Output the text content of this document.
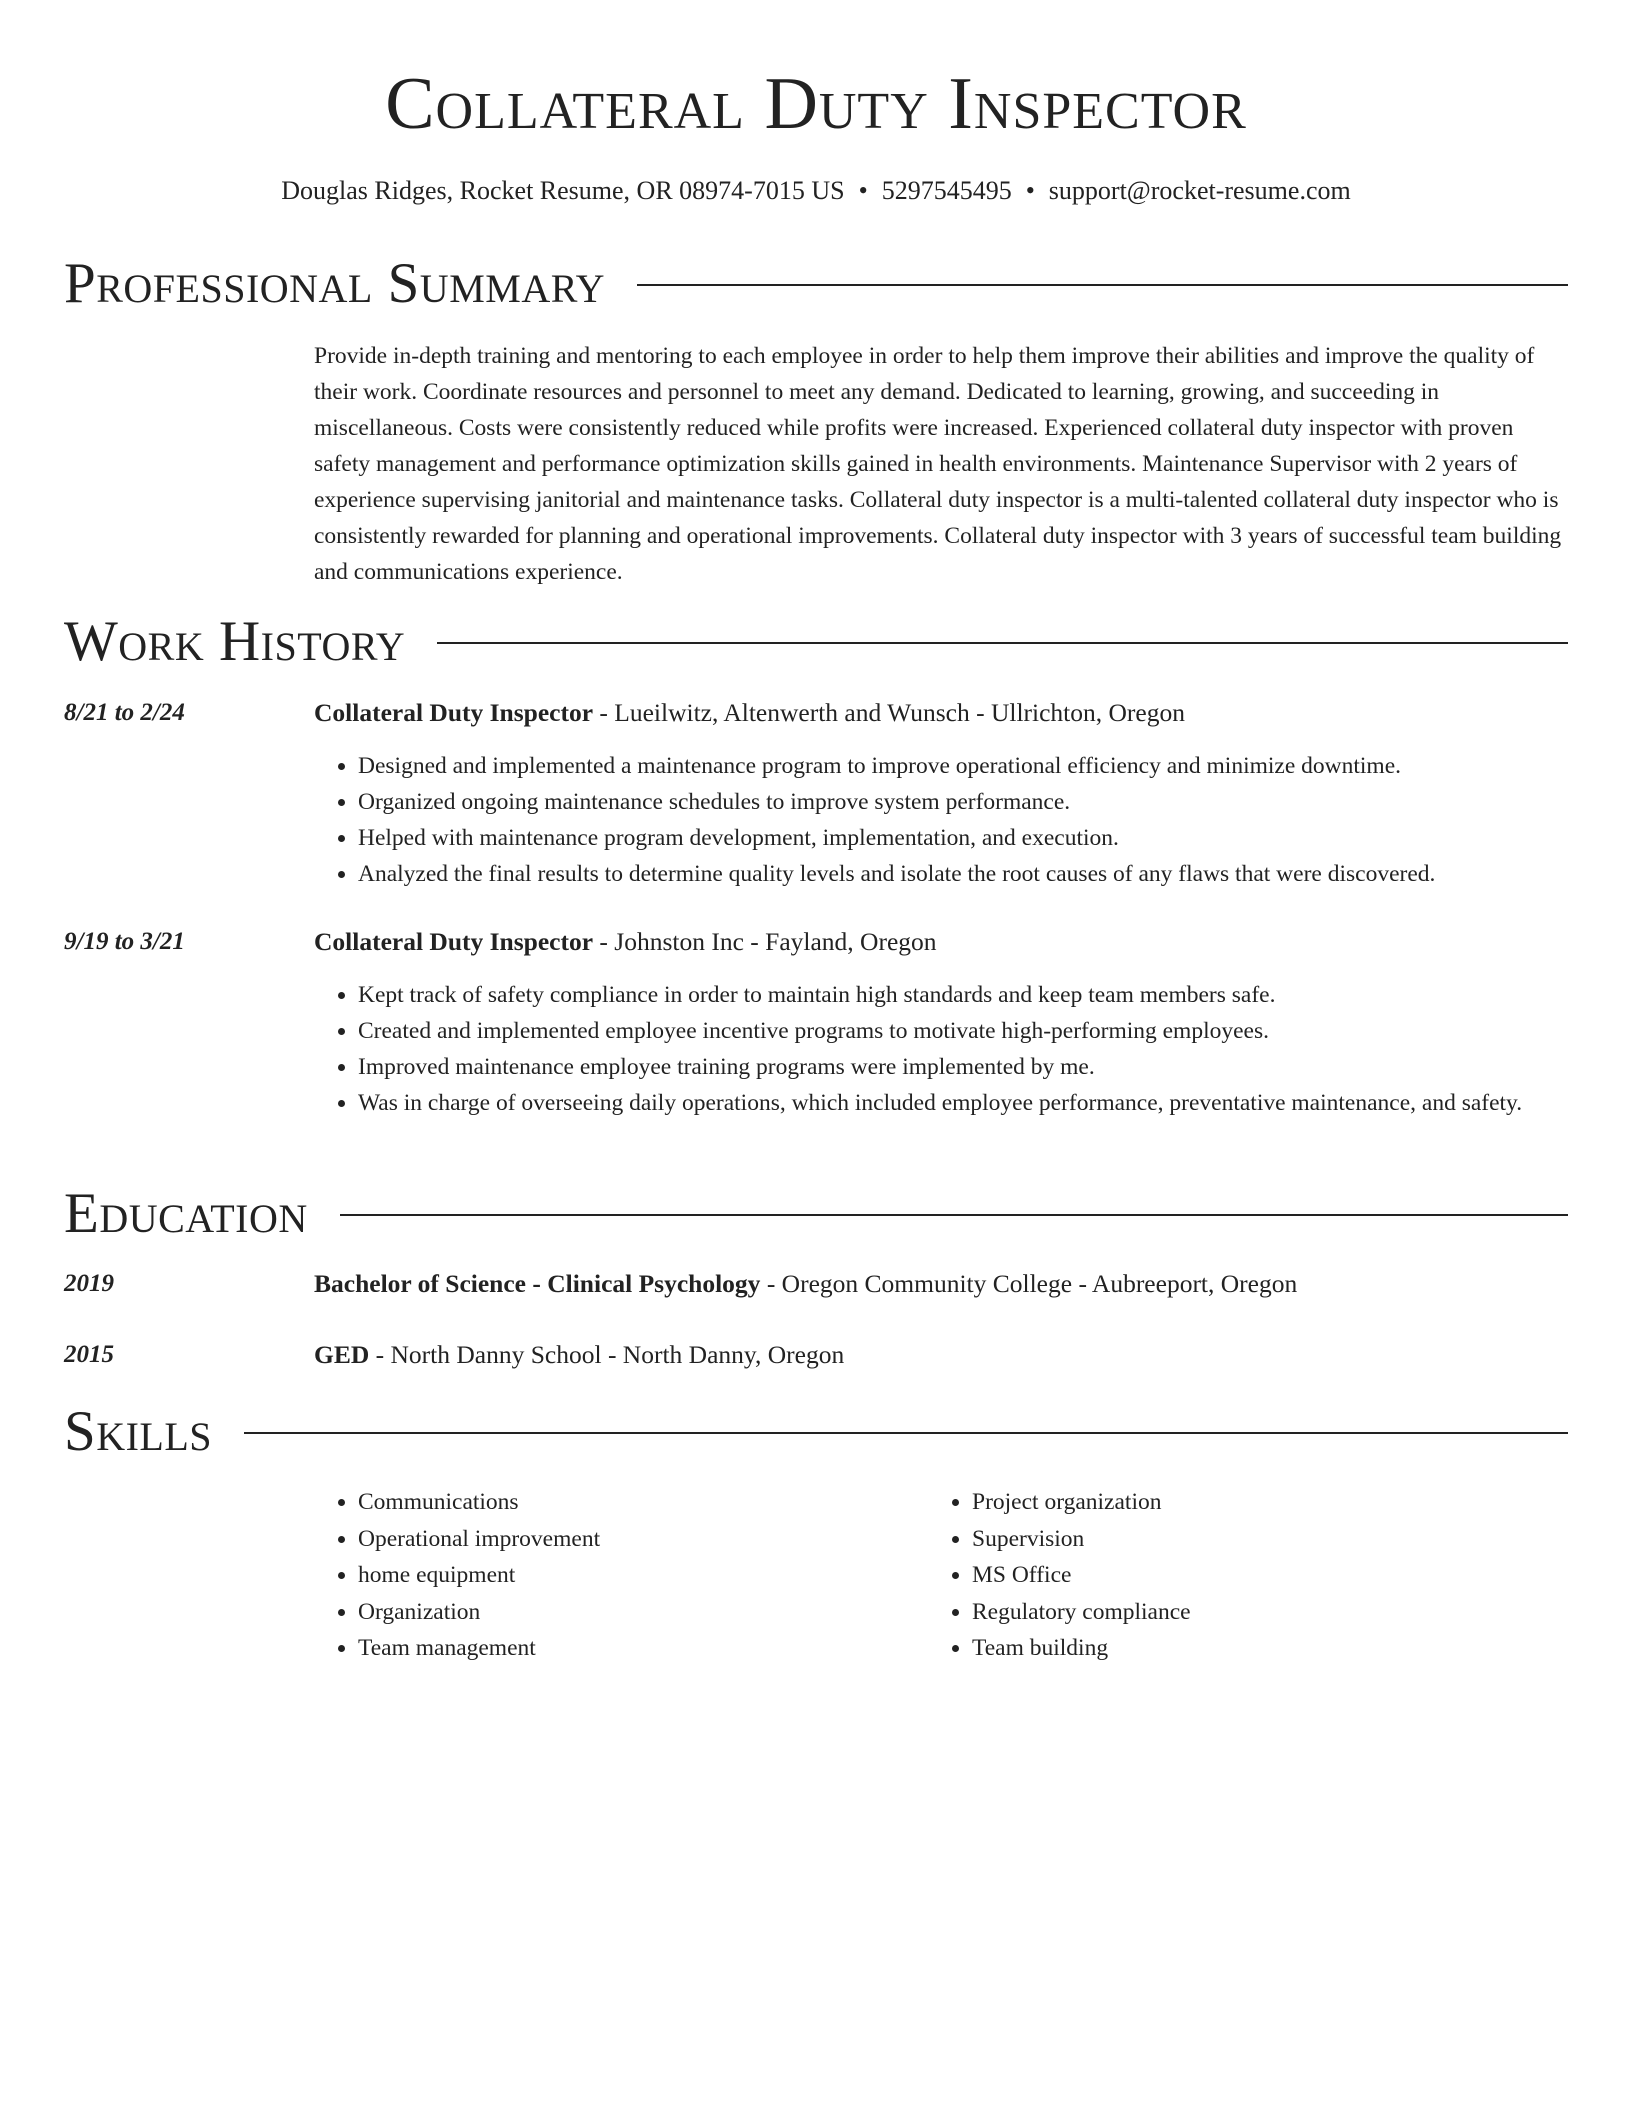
Collateral Duty Inspector
Douglas Ridges, Rocket Resume, OR 08974-7015 US • 5297545495 • support@rocket-resume.com
Professional Summary

Provide in-depth training and mentoring to each employee in order to help them improve their abilities and improve the quality of their work. Coordinate resources and personnel to meet any demand. Dedicated to learning, growing, and succeeding in miscellaneous. Costs were consistently reduced while profits were increased. Experienced collateral duty inspector with proven safety management and performance optimization skills gained in health environments. Maintenance Supervisor with 2 years of experience supervising janitorial and maintenance tasks. Collateral duty inspector is a multi-talented collateral duty inspector who is consistently rewarded for planning and operational improvements. Collateral duty inspector with 3 years of successful team building and communications experience.

Work History
8/21 to 2/24	Collateral Duty Inspector - Lueilwitz, Altenwerth and Wunsch - Ullrichton, Oregon
• Designed and implemented a maintenance program to improve operational efficiency and minimize downtime.
• Organized ongoing maintenance schedules to improve system performance.
• Helped with maintenance program development, implementation, and execution.
• Analyzed the final results to determine quality levels and isolate the root causes of any flaws that were discovered.
9/19 to 3/21	Collateral Duty Inspector - Johnston Inc - Fayland, Oregon
• Kept track of safety compliance in order to maintain high standards and keep team members safe.
• Created and implemented employee incentive programs to motivate high-performing employees.
• Improved maintenance employee training programs were implemented by me.
• Was in charge of overseeing daily operations, which included employee performance, preventative maintenance, and safety.
Education
2019	Bachelor of Science - Clinical Psychology - Oregon Community College - Aubreeport, Oregon
2015	GED - North Danny School - North Danny, Oregon
Skills
• Communications
• Operational improvement
• home equipment
• Organization
• Team management
• Project organization
• Supervision
• MS Office
• Regulatory compliance
• Team building
